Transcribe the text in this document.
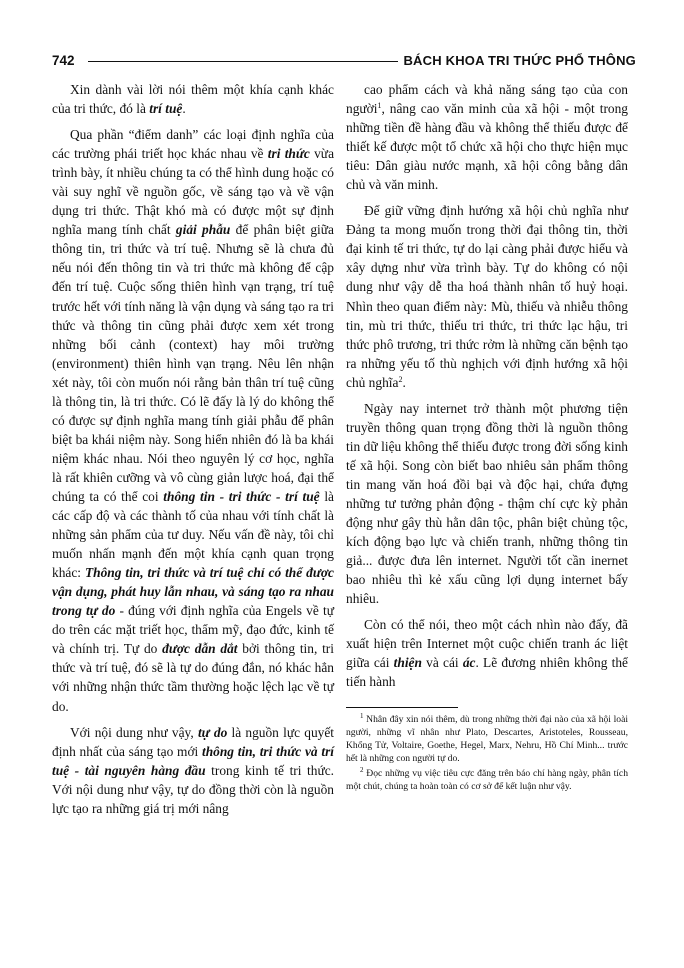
742	BÁCH KHOA TRI THỨC PHỔ THÔNG

Xin dành vài lời nói thêm một khía cạnh khác của tri thức, đó là trí tuệ.

Qua phần “điểm danh” các loại định nghĩa của các trường phái triết học khác nhau về tri thức vừa trình bày, ít nhiều chúng ta có thể hình dung hoặc có vài suy nghĩ về nguồn gốc, về sáng tạo và về vận dụng tri thức. Thật khó mà có được một sự định nghĩa mang tính chất giải phẫu để phân biệt giữa thông tin, tri thức và trí tuệ. Nhưng sẽ là chưa đủ nếu nói đến thông tin và tri thức mà không để cập đến trí tuệ. Cuộc sống thiên hình vạn trạng, trí tuệ trước hết với tính năng là vận dụng và sáng tạo ra tri thức và thông tin cũng phải được xem xét trong những bối cảnh (context) hay môi trường (environment) thiên hình vạn trạng. Nêu lên nhận xét này, tôi còn muốn nói rằng bản thân trí tuệ cũng là thông tin, là tri thức. Có lẽ đấy là lý do không thể có được sự định nghĩa mang tính giải phẫu để phân biệt ba khái niệm này. Song hiển nhiên đó là ba khái niệm khác nhau. Nói theo nguyên lý cơ học, nghĩa là rất khiên cưỡng và vô cùng giản lược hoá, đại thể chúng ta có thể coi thông tin - tri thức - trí tuệ là các cấp độ và các thành tố của nhau với tính chất là những sản phẩm của tư duy. Nếu vấn đề này, tôi chỉ muốn nhấn mạnh đến một khía cạnh quan trọng khác: Thông tin, tri thức và trí tuệ chỉ có thể được vận dụng, phát huy lẫn nhau, và sáng tạo ra nhau trong tự do - đúng với định nghĩa của Engels về tự do trên các mặt triết học, thẩm mỹ, đạo đức, kinh tế và chính trị. Tự do được dẫn dắt bởi thông tin, tri thức và trí tuệ, đó sẽ là tự do đúng đắn, nó khác hẳn với những nhận thức tầm thường hoặc lệch lạc về tự do.

Với nội dung như vậy, tự do là nguồn lực quyết định nhất của sáng tạo mới thông tin, tri thức và trí tuệ - tài nguyên hàng đầu trong kinh tế tri thức. Với nội dung như vậy, tự do đồng thời còn là nguồn lực tạo ra những giá trị mới nâng

cao phẩm cách và khả năng sáng tạo của con người$^1$, nâng cao văn minh của xã hội - một trong những tiền đề hàng đầu và không thể thiếu được để thiết kế được một tổ chức xã hội cho thực hiện mục tiêu: Dân giàu nước mạnh, xã hội công bằng dân chủ và văn minh.

Để giữ vững định hướng xã hội chủ nghĩa như Đảng ta mong muốn trong thời đại thông tin, thời đại kinh tế tri thức, tự do lại càng phải được hiểu và xây dựng như vừa trình bày. Tự do không có nội dung như vậy dễ tha hoá thành nhân tố huỷ hoại. Nhìn theo quan điểm này: Mù, thiếu và nhiễu thông tin, mù tri thức, thiếu tri thức, tri thức lạc hậu, tri thức phô trương, tri thức rởm là những căn bệnh tạo ra những yếu tố thù nghịch với định hướng xã hội chủ nghĩa$^2$.

Ngày nay internet trở thành một phương tiện truyền thông quan trọng đồng thời là nguồn thông tin dữ liệu không thể thiếu được trong đời sống kinh tế xã hội. Song còn biết bao nhiêu sản phẩm thông tin mang văn hoá đồi bại và độc hại, chứa đựng những tư tưởng phản động - thậm chí cực kỳ phản động như gây thù hằn dân tộc, phân biệt chủng tộc, kích động bạo lực và chiến tranh, những thông tin giả... được đưa lên internet. Người tốt cần inernet bao nhiêu thì kẻ xấu cũng lợi dụng internet bấy nhiêu.

Còn có thể nói, theo một cách nhìn nào đấy, đã xuất hiện trên Internet một cuộc chiến tranh ác liệt giữa cái thiện và cái ác. Lẽ đương nhiên không thể tiến hành

$^1$ Nhân đây xin nói thêm, dù trong những thời đại nào của xã hội loài người, những vĩ nhân như Plato, Descartes, Aristoteles, Rousseau, Khổng Tử, Voltaire, Goethe, Hegel, Marx, Nehru, Hồ Chí Minh... trước hết là những con người tự do.

$^2$ Đọc những vụ việc tiêu cực đăng trên báo chí hàng ngày, phân tích một chút, chúng ta hoàn toàn có cơ sở để kết luận như vậy.
